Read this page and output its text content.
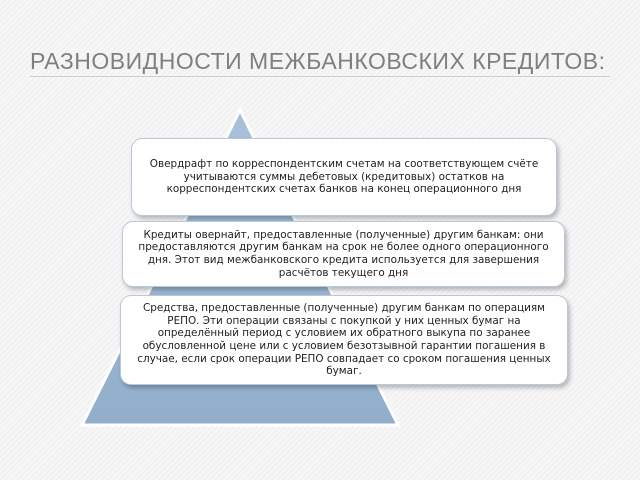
РАЗНОВИДНОСТИ МЕЖБАНКОВСКИХ КРЕДИТОВ:
Овердрафт по корреспондентским счетам на соответствующем счёте учитываются суммы дебетовых (кредитовых) остатков на корреспондентских счетах банков на конец операционного дня
Кредиты овернайт, предоставленные (полученные) другим банкам: они предоставляются другим банкам на срок не более одного операционного дня. Этот вид межбанковского кредита используется для завершения расчётов текущего дня
Средства, предоставленные (полученные) другим банкам по операциям РЕПО. Эти операции связаны с покупкой у них ценных бумаг на определённый период с условием их обратного выкупа по заранее обусловленной цене или с условием безотзывной гарантии погашения в случае, если срок операции РЕПО совпадает со сроком погашения ценных бумаг.
